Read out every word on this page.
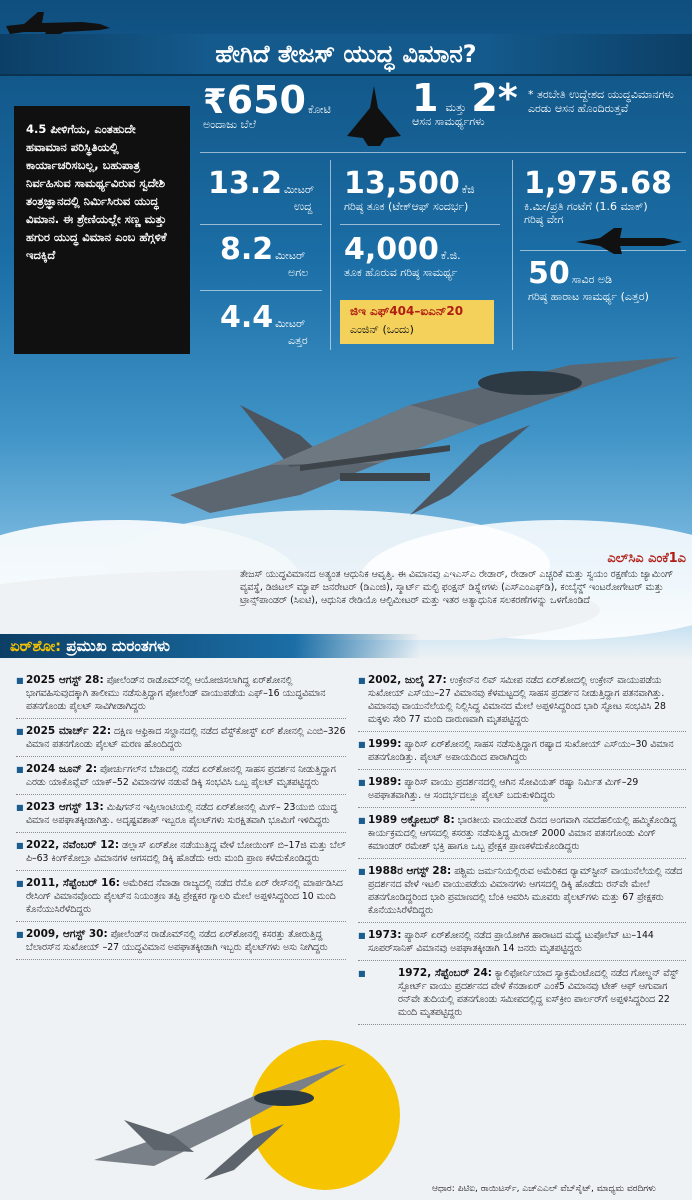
ಹೇಗಿದೆ ತೇಜಸ್ ಯುದ್ಧ ವಿಮಾನ?
4.5 ಪೀಳಿಗೆಯ, ಎಂತಹುದೇ ಹವಾಮಾನ ಪರಿಸ್ಥಿತಿಯಲ್ಲಿ ಕಾರ್ಯಾಚರಿಸಬಲ್ಲ, ಬಹುಪಾತ್ರ ನಿರ್ವಹಿಸುವ ಸಾಮರ್ಥ್ಯವಿರುವ ಸ್ವದೇಶಿ ತಂತ್ರಜ್ಞಾನದಲ್ಲಿ ನಿರ್ಮಿಸಿರುವ ಯುದ್ಧ ವಿಮಾನ. ಈ ಶ್ರೇಣಿಯಲ್ಲೇ ಸಣ್ಣ ಮತ್ತು ಹಗುರ ಯುದ್ಧ ವಿಮಾನ ಎಂಬ ಹೆಗ್ಗಳಿಕೆ ಇದಕ್ಕಿದೆ
₹650 ಕೋಟಿ
ಅಂದಾಜು ಬೆಲೆ
1 ಮತ್ತು 2*
ಆಸನ ಸಾಮರ್ಥ್ಯಗಳು
* ತರಬೇತಿ ಉದ್ದೇಶದ ಯುದ್ಧವಿಮಾನಗಳು ಎರಡು ಆಸನ ಹೊಂದಿರುತ್ತವೆ
13.2 ಮೀಟರ್
ಉದ್ದ
8.2 ಮೀಟರ್
ಅಗಲ
4.4 ಮೀಟರ್
ಎತ್ತರ
13,500 ಕೆಜಿ
ಗರಿಷ್ಠ ತೂಕ (ಟೇಕ್‌ಆಫ್ ಸಂದರ್ಭ)
4,000 ಕೆ.ಜಿ.
ತೂಕ ಹೊರುವ ಗರಿಷ್ಠ ಸಾಮರ್ಥ್ಯ
ಜಿಇ ಎಫ್404–ಐಎನ್20
ಎಂಜಿನ್ (ಒಂದು)
1,975.68
ಕಿ.ಮೀ/ಪ್ರತಿ ಗಂಟೆಗೆ (1.6 ಮಾಕ್)
ಗರಿಷ್ಠ ವೇಗ
50 ಸಾವಿರ ಅಡಿ
ಗರಿಷ್ಠ ಹಾರಾಟ ಸಾಮರ್ಥ್ಯ (ಎತ್ತರ)
ಎಲ್‌ಸಿಎ ಎಂಕೆ1ಎ
ತೇಜಸ್ ಯುದ್ಧವಿಮಾನದ ಅತ್ಯಂತ ಆಧುನಿಕ ಆವೃತ್ತಿ. ಈ ವಿಮಾನವು ಎಇಎಸ್‌ಎ ರೇಡಾರ್, ರೇಡಾರ್ ಎಚ್ಚರಿಕೆ ಮತ್ತು ಸ್ವಯಂ ರಕ್ಷಣೆಯ ಜ್ಯಾಮಿಂಗ್ ವ್ಯವಸ್ಥೆ, ಡಿಜಿಟಲ್ ಮ್ಯಾಪ್ ಜನರೇಟರ್ (ಡಿಎಂಜಿ), ಸ್ಮಾರ್ಟ್ ಮಲ್ಟಿ ಫಂಕ್ಷನ್ ಡಿಸ್ಪ್ಲೇಗಳು (ಎಸ್‌ಎಂಎಫ್‌ಡಿ), ಕಂಬೈನ್ಡ್ ಇಂಟರೋಗೇಟರ್ ಮತ್ತು ಟ್ರಾನ್ಸ್‌ಪಾಂಡರ್ (ಸಿಐಟಿ), ಆಧುನಿಕ ರೇಡಿಯೊ ಆಲ್ಟಿಮೀಟರ್ ಮತ್ತು ಇತರ ಅತ್ಯಾಧುನಿಕ ಸಲಕರಣೆಗಳನ್ನು ಒಳಗೊಂಡಿದೆ
ಏರ್‌ಶೋ: ಪ್ರಮುಖ ದುರಂತಗಳು
■ 2025 ಆಗಸ್ಟ್ 28: ಪೋಲೆಂಡ್‌ನ ರಾಡೊಮ್‌ನಲ್ಲಿ ಆಯೋಜಿಸಲಾಗಿದ್ದ ಏರ್‌ಶೋನಲ್ಲಿ ಭಾಗವಹಿಸುವುದಕ್ಕಾಗಿ ತಾಲೀಮು ನಡೆಸುತ್ತಿದ್ದಾಗ ಪೋಲೆಂಡ್ ವಾಯುಪಡೆಯ ಎಫ್–16 ಯುದ್ಧವಿಮಾನ ಪತನಗೊಂಡು ಪೈಲಟ್ ಸಾವಿಗೀಡಾಗಿದ್ದರು
■ 2025 ಮಾರ್ಚ್ 22: ದಕ್ಷಿಣ ಆಫ್ರಿಕಾದ ಸಲ್ದಾನದಲ್ಲಿ ನಡೆದ ವೆಸ್ಟ್‌ಕೋಸ್ಟ್ ಏರ್ ಶೋನಲ್ಲಿ ಎಂಬಿ–326 ವಿಮಾನ ಪತನಗೊಂಡು ಪೈಲಟ್ ಮರಣ ಹೊಂದಿದ್ದರು
■ 2024 ಜೂನ್ 2: ಪೋರ್ಚುಗಲ್‌ನ ಬೆಜಾದಲ್ಲಿ ನಡೆದ ಏರ್‌ಶೋನಲ್ಲಿ ಸಾಹಸ ಪ್ರದರ್ಶನ ನೀಡುತ್ತಿದ್ದಾಗ ಎರಡು ಯಾಕೊವ್ಲೆವ್ ಯಾಕ್–52 ವಿಮಾನಗಳ ನಡುವೆ ಡಿಕ್ಕಿ ಸಂಭವಿಸಿ ಒಬ್ಬ ಪೈಲಟ್ ಮೃತಪಟ್ಟಿದ್ದರು
■ 2023 ಆಗಸ್ಟ್ 13: ಮಿಷಿಗನ್‌ನ ಇಪ್ಸಿಲಾಂಟಿಯಲ್ಲಿ ನಡೆದ ಏರ್‌ಶೋನಲ್ಲಿ ಮಿಗ್– 23ಯುಬಿ ಯುದ್ಧ ವಿಮಾನ ಅಪಘಾತಕ್ಕೀಡಾಗಿತ್ತು. ಅದೃಷ್ಟವಶಾತ್ ಇಬ್ಬರೂ ಪೈಲಟ್‌ಗಳು ಸುರಕ್ಷಿತವಾಗಿ ಭೂಮಿಗೆ ಇಳಿದಿದ್ದರು
■ 2022, ನವೆಂಬರ್ 12: ಡಲ್ಲಾಸ್ ಏರ್‌ಶೋ ನಡೆಯುತ್ತಿದ್ದ ವೇಳೆ ಬೋಯಿಂಗ್ ಬಿ–17ಜಿ ಮತ್ತು ಬೆಲ್ ಪಿ–63 ಕಿಂಗ್‌ಕೋಬ್ರಾ ವಿಮಾನಗಳ ಆಗಸದಲ್ಲಿ ಡಿಕ್ಕಿ ಹೊಡೆದು ಆರು ಮಂದಿ ಪ್ರಾಣ ಕಳೆದುಕೊಂಡಿದ್ದರು
■ 2011, ಸೆಪ್ಟೆಂಬರ್ 16: ಅಮೆರಿಕದ ನೆವಾಡಾ ರಾಜ್ಯದಲ್ಲಿ ನಡೆದ ರೆನೊ ಏರ್ ರೇಸ್‌ನಲ್ಲಿ ಮಾರ್ಪಡಿಸಿದ ರೇಸಿಂಗ್ ವಿಮಾನವೊಂದು ಪೈಲಟ್‌ನ ನಿಯಂತ್ರಣ ತಪ್ಪಿ ಪ್ರೇಕ್ಷಕರ ಗ್ಯಾಲರಿ ಮೇಲೆ ಅಪ್ಪಳಿಸಿದ್ದರಿಂದ 10 ಮಂದಿ ಕೊನೆಯುಸಿರೆಳೆದಿದ್ದರು
■ 2009, ಆಗಸ್ಟ್ 30: ಪೋಲೆಂಡ್‌ನ ರಾಡೊಮ್‌ನಲ್ಲಿ ನಡೆದ ಏರ್‌ಶೋನಲ್ಲಿ ಕಸರತ್ತು ತೋರುತ್ತಿದ್ದ ಬೆಲಾರಸ್‌ನ ಸುಖೋಯ್ –27 ಯುದ್ಧವಿಮಾನ ಅಪಘಾತಕ್ಕೀಡಾಗಿ ಇಬ್ಬರು ಪೈಲಟ್‌ಗಳು ಅಸು ನೀಗಿದ್ದರು
■ 2002, ಜುಲೈ 27: ಉಕ್ರೇನ್‌ನ ಲಿವ್ ಸಮೀಪ ನಡೆದ ಏರ್‌ಶೋದಲ್ಲಿ ಉಕ್ರೇನ್ ವಾಯುಪಡೆಯ ಸುಖೋಯ್ ಎಸ್‌ಯು–27 ವಿಮಾನವು ಕೆಳಮಟ್ಟದಲ್ಲಿ ಸಾಹಸ ಪ್ರದರ್ಶನ ನೀಡುತ್ತಿದ್ದಾಗ ಪತನವಾಗಿತ್ತು. ವಿಮಾನವು ವಾಯುನೆಲೆಯಲ್ಲಿ ನಿಲ್ಲಿಸಿದ್ದ ವಿಮಾನದ ಮೇಲೆ ಅಪ್ಪಳಿಸಿದ್ದರಿಂದ ಭಾರಿ ಸ್ಫೋಟ ಸಂಭವಿಸಿ 28 ಮಕ್ಕಳು ಸೇರಿ 77 ಮಂದಿ ದಾರುಣವಾಗಿ ಮೃತಪಟ್ಟಿದ್ದರು
■ 1999: ಪ್ಯಾರಿಸ್ ಏರ್‌ಶೋನಲ್ಲಿ ಸಾಹಸ ನಡೆಸುತ್ತಿದ್ದಾಗ ರಷ್ಯಾದ ಸುಖೋಯ್ ಎಸ್‌ಯು–30 ವಿಮಾನ ಪತನಗೊಂಡಿತ್ತು. ಪೈಲಟ್ ಅಪಾಯದಿಂದ ಪಾರಾಗಿದ್ದರು
■ 1989: ಪ್ಯಾರಿಸ್ ವಾಯು ಪ್ರದರ್ಶನದಲ್ಲಿ ಆಗಿನ ಸೋವಿಯತ್ ರಷ್ಯಾ ನಿರ್ಮಿತ ಮಿಗ್–29 ಅಪಘಾತವಾಗಿತ್ತು. ಆ ಸಂದರ್ಭದಲ್ಲೂ ಪೈಲಟ್ ಬದುಕುಳಿದಿದ್ದರು
■ 1989 ಅಕ್ಟೋಬರ್ 8: ಭಾರತೀಯ ವಾಯುಪಡೆ ದಿನದ ಅಂಗವಾಗಿ ನವದೆಹಲಿಯಲ್ಲಿ ಹಮ್ಮಿಕೊಂಡಿದ್ದ ಕಾರ್ಯಕ್ರಮದಲ್ಲಿ ಆಗಸದಲ್ಲಿ ಕಸರತ್ತು ನಡೆಸುತ್ತಿದ್ದ ಮಿರಾಜ್ 2000 ವಿಮಾನ ಪತನಗೊಂಡು ವಿಂಗ್ ಕಮಾಂಡರ್ ರಮೇಶ್ ಭಕ್ತಿ ಹಾಗೂ ಒಬ್ಬ ಪ್ರೇಕ್ಷಕ ಪ್ರಾಣಕಳೆದುಕೊಂಡಿದ್ದರು
■ 1988ರ ಆಗಸ್ಟ್ 28: ಪಶ್ಚಿಮ ಜರ್ಮನಿಯಲ್ಲಿರುವ ಅಮೆರಿಕದ ರ್‍ಯಾಮ್‌ಸ್ಟೀನ್ ವಾಯುನೆಲೆಯಲ್ಲಿ ನಡೆದ ಪ್ರದರ್ಶನದ ವೇಳೆ ಇಟಲಿ ವಾಯುಪಡೆಯ ವಿಮಾನಗಳು ಆಗಸದಲ್ಲಿ ಡಿಕ್ಕಿ ಹೊಡೆದು ರನ್‌ವೇ ಮೇಲೆ ಪತನಗೊಂಡಿದ್ದರಿಂದ ಭಾರಿ ಪ್ರಮಾಣದಲ್ಲಿ ಬೆಂಕಿ ಆವರಿಸಿ ಮೂವರು ಪೈಲಟ್‌ಗಳು ಮತ್ತು 67 ಪ್ರೇಕ್ಷಕರು ಕೊನೆಯುಸಿರೆಳೆದಿದ್ದರು
■ 1973: ಪ್ಯಾರಿಸ್ ಏರ್‌ಶೋನಲ್ಲಿ ನಡೆದ ಪ್ರಾಯೋಗಿಕ ಹಾರಾಟದ ಮಧ್ಯೆ ಟುಪೊಲೆವ್ ಟು–144 ಸೂಪರ್‌ಸಾನಿಕ್ ವಿಮಾನವು ಅಪಘಾತಕ್ಕೀಡಾಗಿ 14 ಜನರು ಮೃತಪಟ್ಟಿದ್ದರು
■ 1972, ಸೆಪ್ಟೆಂಬರ್ 24: ಕ್ಯಾಲಿಫೋರ್ನಿಯಾದ ಸ್ಯಾಕ್ರಮೆಂಟೊದಲ್ಲಿ ನಡೆದ ಗೋಲ್ಡನ್ ವೆಸ್ಟ್ ಸ್ಪೋರ್ಟ್ ವಾಯು ಪ್ರದರ್ಶನದ ವೇಳೆ ಕೆನಡಾಏರ್ ಎಂಕೆ5 ವಿಮಾನವು ಟೇಕ್ ಆಫ್ ಆಗುವಾಗ ರನ್‌ವೇ ತುದಿಯಲ್ಲಿ ಪತನಗೊಂಡು ಸಮೀಪದಲ್ಲಿದ್ದ ಐಸ್‌ಕ್ರೀಂ ಪಾರ್ಲರ್‌ಗೆ ಅಪ್ಪಳಿಸಿದ್ದರಿಂದ 22 ಮಂದಿ ಮೃತಪಟ್ಟಿದ್ದರು
ಆಧಾರ: ಪಿಟಿಐ, ರಾಯಿಟರ್ಸ್, ಎಚ್‌ಎಎಲ್ ವೆಬ್‌ಸೈಟ್, ಮಾಧ್ಯಮ ವರದಿಗಳು
